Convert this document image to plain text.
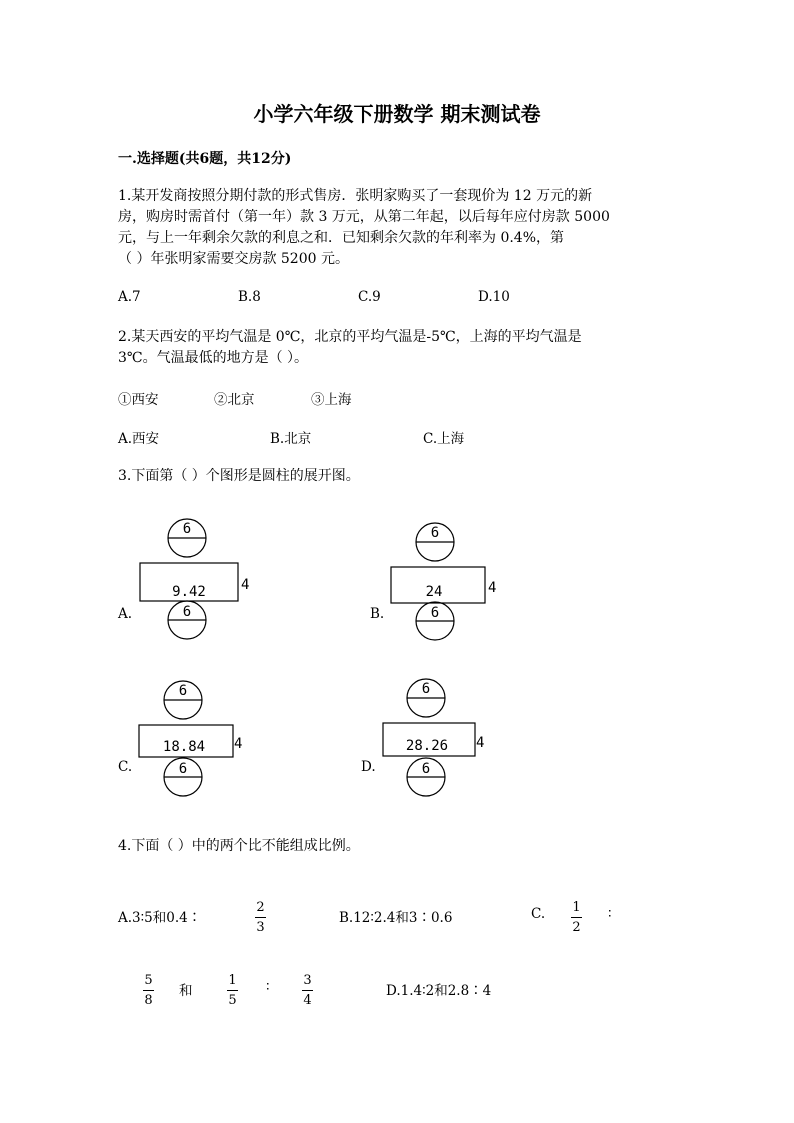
小学六年级下册数学 期末测试卷
一.选择题(共6题，共12分)
1.某开发商按照分期付款的形式售房．张明家购买了一套现价为 12 万元的新
房，购房时需首付（第一年）款 3 万元，从第二年起，以后每年应付房款 5000
元，与上一年剩余欠款的利息之和．已知剩余欠款的年利率为 0.4%，第
（ ）年张明家需要交房款 5200 元。
A.7	B.8	C.9	D.10
2.某天西安的平均气温是 0℃，北京的平均气温是-5℃，上海的平均气温是
3℃。气温最低的地方是（ ）。
①西安	②北京	③上海
A.西安	B.北京	C.上海
3.下面第（ ）个图形是圆柱的展开图。
A.
6
9.42	4
6	B.
6
24	4
6
C.
6
18.84 4
6	D.
6
28.26 4
6
4.下面（ ）中的两个比不能组成比例。
A.3∶5和0.4∶
2
3
B.12∶2.4和3∶0.6	C. 1
2
∶
5
8
和
1
5
∶	3
4
D.1.4∶2和2.8∶4
